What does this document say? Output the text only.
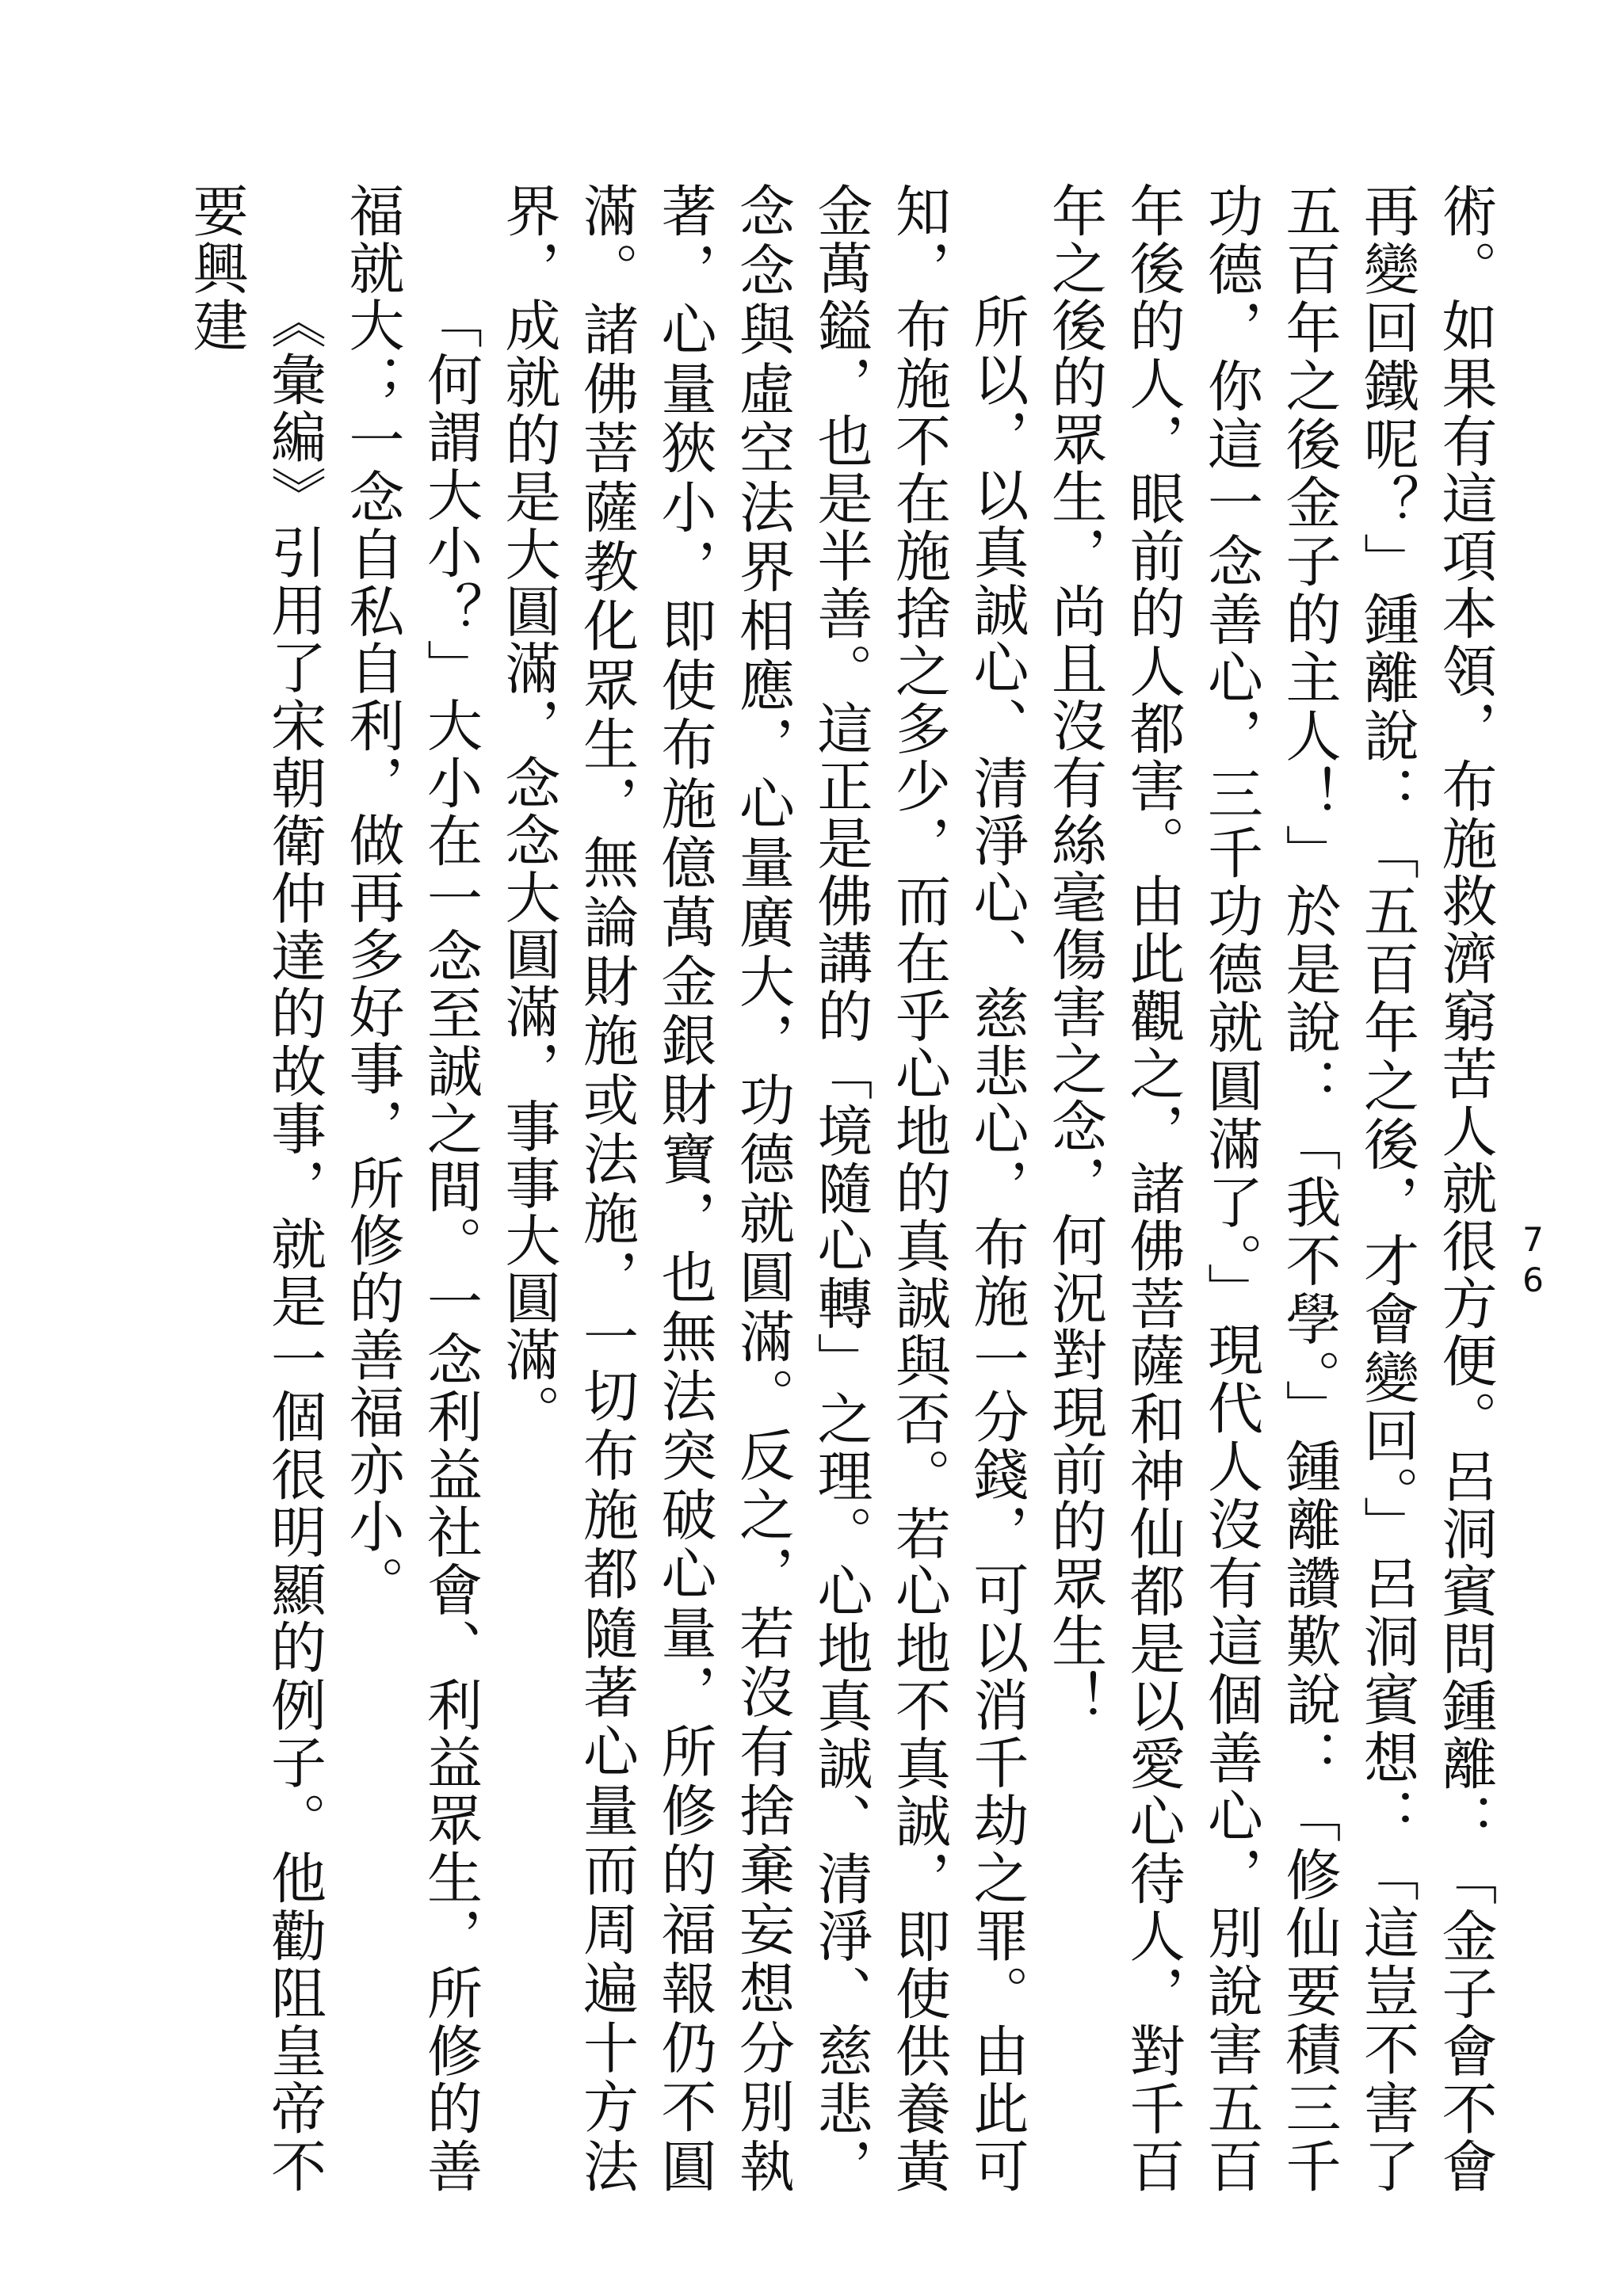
76

術。如果有這項本領，布施救濟窮苦人就很方便。呂洞賓問鍾離：「金子會不會再變回鐵呢？」鍾離說：「五百年之後，才會變回。」呂洞賓想：「這豈不害了五百年之後金子的主人！」於是說：「我不學。」鍾離讚歎說：「修仙要積三千功德，你這一念善心，三千功德就圓滿了。」現代人沒有這個善心，別說害五百年後的人，眼前的人都害。由此觀之，諸佛菩薩和神仙都是以愛心待人，對千百年之後的眾生，尚且沒有絲毫傷害之念，何況對現前的眾生！

所以，以真誠心、清淨心、慈悲心，布施一分錢，可以消千劫之罪。由此可知，布施不在施捨之多少，而在乎心地的真誠與否。若心地不真誠，即使供養黃金萬鎰，也是半善。這正是佛講的「境隨心轉」之理。心地真誠、清淨、慈悲，念念與虛空法界相應，心量廣大，功德就圓滿。反之，若沒有捨棄妄想分別執著，心量狹小，即使布施億萬金銀財寶，也無法突破心量，所修的福報仍不圓滿。諸佛菩薩教化眾生，無論財施或法施，一切布施都隨著心量而周遍十方法界，成就的是大圓滿，念念大圓滿，事事大圓滿。

「何謂大小？」大小在一念至誠之間。一念利益社會、利益眾生，所修的善福就大；一念自私自利，做再多好事，所修的善福亦小。

《彙編》引用了宋朝衛仲達的故事，就是一個很明顯的例子。他勸阻皇帝不要興建
